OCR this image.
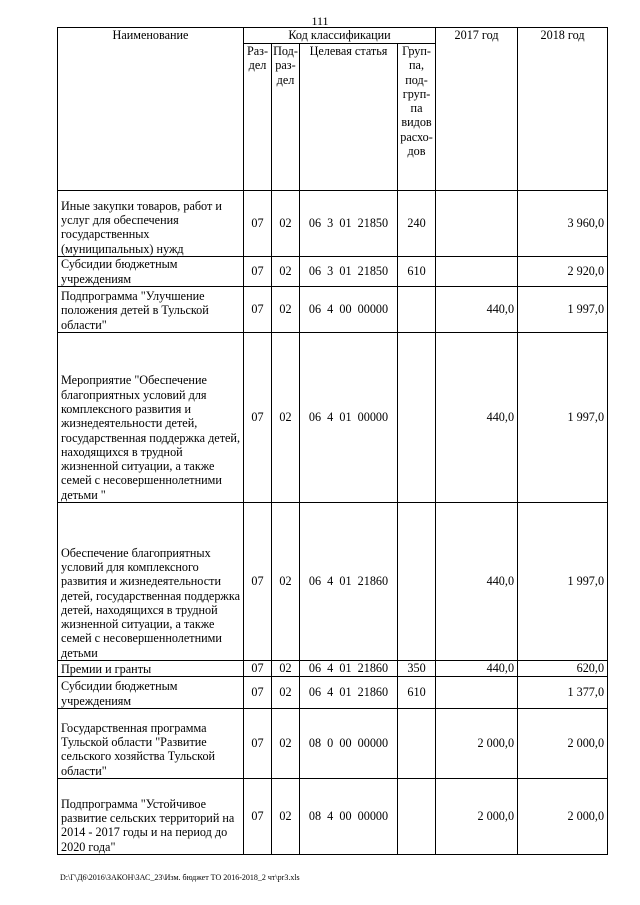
111
Наименование	Код классификации				2017 год	2018 год
	Раз-дел	Под-раз-дел	Целевая статья	Груп-па, под-груп-па видов расхо-дов		
Иные закупки товаров, работ и услуг для обеспечения государственных (муниципальных) нужд	07	02	06  3  01  21850	240		3 960,0
Субсидии бюджетным учреждениям	07	02	06  3  01  21850	610		2 920,0
Подпрограмма "Улучшение положения детей в Тульской области"	07	02	06  4  00  00000		440,0	1 997,0
Мероприятие "Обеспечение благоприятных условий для комплексного развития и жизнедеятельности детей, государственная поддержка детей, находящихся в трудной жизненной ситуации, а также семей с несовершеннолетними детьми "	07	02	06  4  01  00000		440,0	1 997,0
Обеспечение благоприятных условий для комплексного развития и жизнедеятельности детей, государственная поддержка детей, находящихся в трудной жизненной ситуации, а также семей с несовершеннолетними детьми	07	02	06  4  01  21860		440,0	1 997,0
Премии и гранты	07	02	06  4  01  21860	350	440,0	620,0
Субсидии бюджетным учреждениям	07	02	06  4  01  21860	610		1 377,0
Государственная программа Тульской области "Развитие сельского хозяйства Тульской области"	07	02	08  0  00  00000		2 000,0	2 000,0
Подпрограмма "Устойчивое развитие сельских территорий на 2014 - 2017 годы и на период до 2020 года"	07	02	08  4  00  00000		2 000,0	2 000,0
D:\Г\Д6\2016\ЗАКОН\ЗАС_23\Изм. бюджет ТО 2016-2018_2 чт\pr3.xls
